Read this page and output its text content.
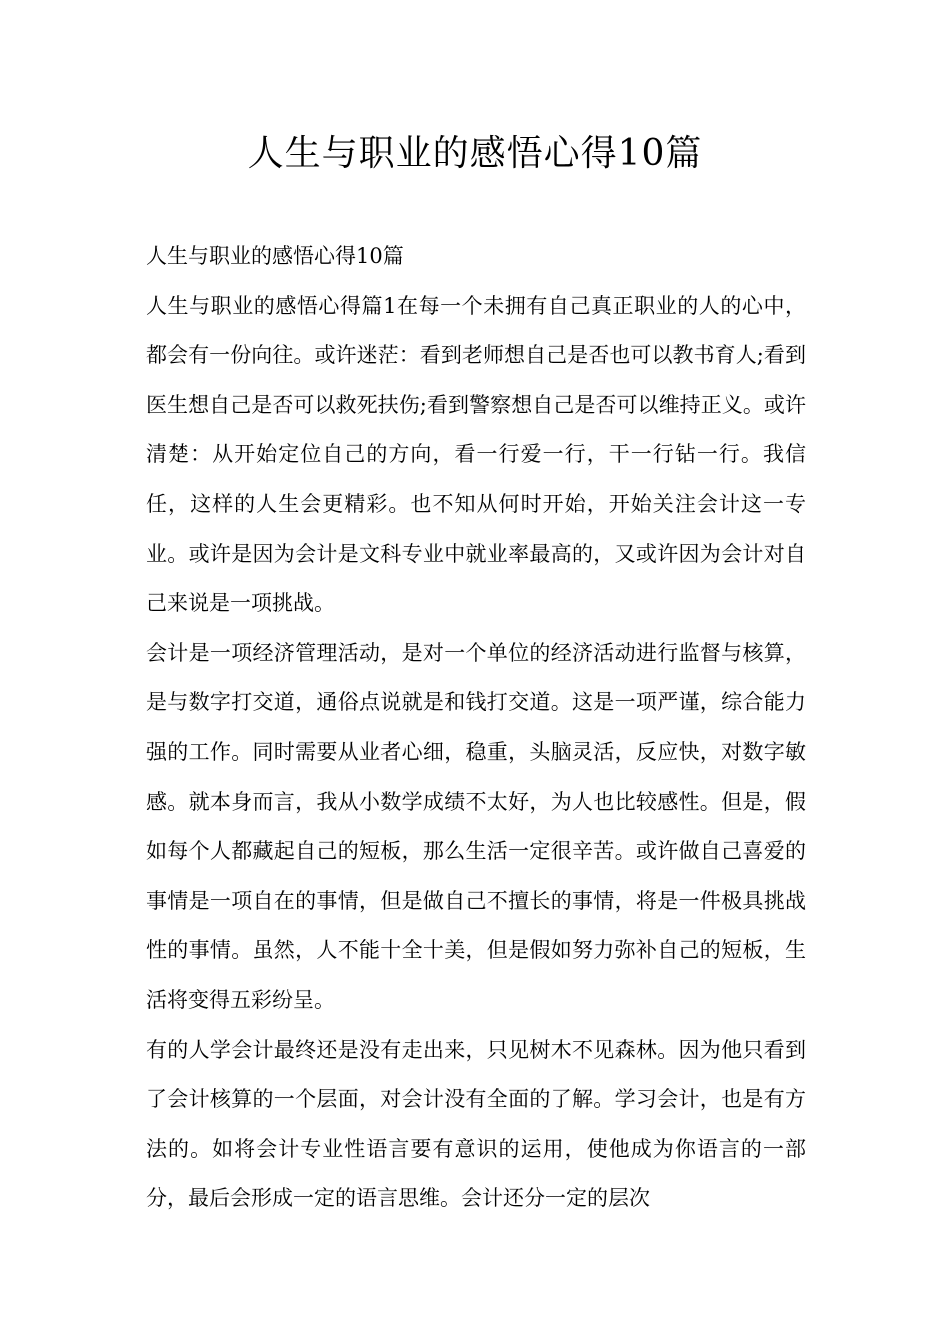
人生与职业的感悟心得10篇

人生与职业的感悟心得10篇

人生与职业的感悟心得篇1在每一个未拥有自己真正职业的人的心中，都会有一份向往。或许迷茫：看到老师想自己是否也可以教书育人;看到医生想自己是否可以救死扶伤;看到警察想自己是否可以维持正义。或许清楚：从开始定位自己的方向，看一行爱一行，干一行钻一行。我信任，这样的人生会更精彩。也不知从何时开始，开始关注会计这一专业。或许是因为会计是文科专业中就业率最高的，又或许因为会计对自己来说是一项挑战。

会计是一项经济管理活动，是对一个单位的经济活动进行监督与核算，是与数字打交道，通俗点说就是和钱打交道。这是一项严谨，综合能力强的工作。同时需要从业者心细，稳重，头脑灵活，反应快，对数字敏感。就本身而言，我从小数学成绩不太好，为人也比较感性。但是，假如每个人都藏起自己的短板，那么生活一定很辛苦。或许做自己喜爱的事情是一项自在的事情，但是做自己不擅长的事情，将是一件极具挑战性的事情。虽然，人不能十全十美，但是假如努力弥补自己的短板，生活将变得五彩纷呈。

有的人学会计最终还是没有走出来，只见树木不见森林。因为他只看到了会计核算的一个层面，对会计没有全面的了解。学习会计，也是有方法的。如将会计专业性语言要有意识的运用，使他成为你语言的一部分，最后会形成一定的语言思维。会计还分一定的层次
